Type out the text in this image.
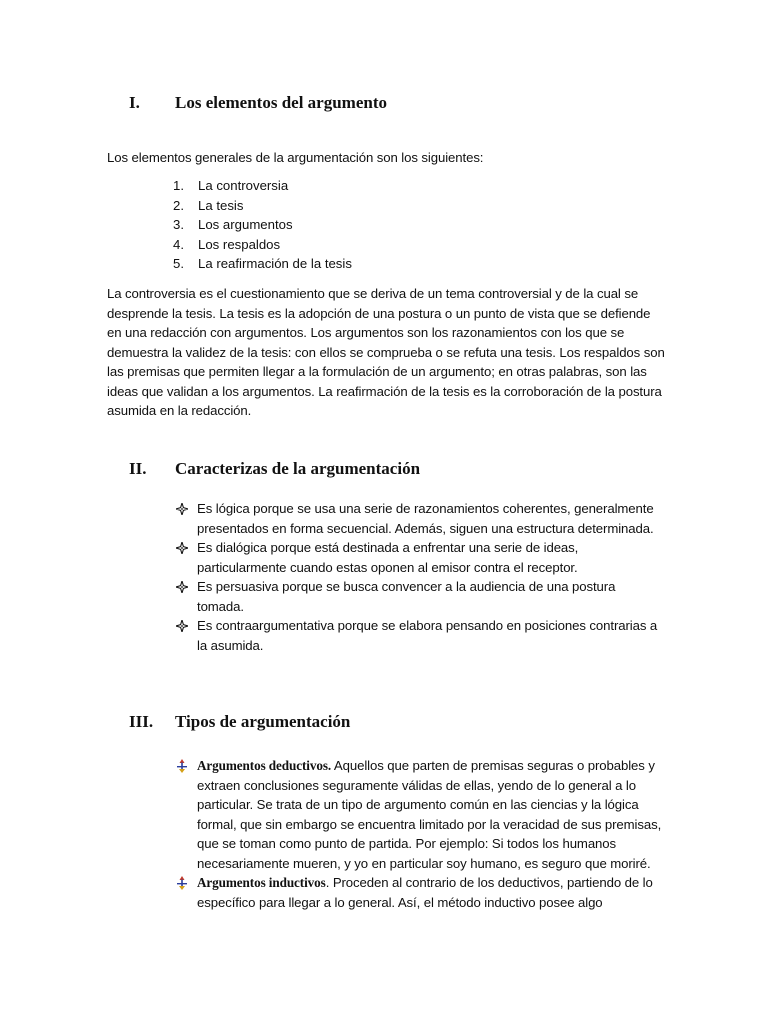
I.	Los elementos del argumento
Los elementos generales de la argumentación son los siguientes:
1.	La controversia
2.	La tesis
3.	Los argumentos
4.	Los respaldos
5.	La reafirmación de la tesis
La controversia es el cuestionamiento que se deriva de un tema controversial y de la cual se desprende la tesis. La tesis es la adopción de una postura o un punto de vista que se defiende en una redacción con argumentos. Los argumentos son los razonamientos con los que se demuestra la validez de la tesis: con ellos se comprueba o se refuta una tesis. Los respaldos son las premisas que permiten llegar a la formulación de un argumento; en otras palabras, son las ideas que validan a los argumentos. La reafirmación de la tesis es la corroboración de la postura asumida en la redacción.
II.	Caracterizas de la argumentación
Es lógica porque se usa una serie de razonamientos coherentes, generalmente presentados en forma secuencial. Además, siguen una estructura determinada.
Es dialógica porque está destinada a enfrentar una serie de ideas, particularmente cuando estas oponen al emisor contra el receptor.
Es persuasiva porque se busca convencer a la audiencia de una postura tomada.
Es contraargumentativa porque se elabora pensando en posiciones contrarias a la asumida.
III.	Tipos de argumentación
Argumentos deductivos. Aquellos que parten de premisas seguras o probables y extraen conclusiones seguramente válidas de ellas, yendo de lo general a lo particular. Se trata de un tipo de argumento común en las ciencias y la lógica formal, que sin embargo se encuentra limitado por la veracidad de sus premisas, que se toman como punto de partida. Por ejemplo: Si todos los humanos necesariamente mueren, y yo en particular soy humano, es seguro que moriré.
Argumentos inductivos. Proceden al contrario de los deductivos, partiendo de lo específico para llegar a lo general. Así, el método inductivo posee algo
